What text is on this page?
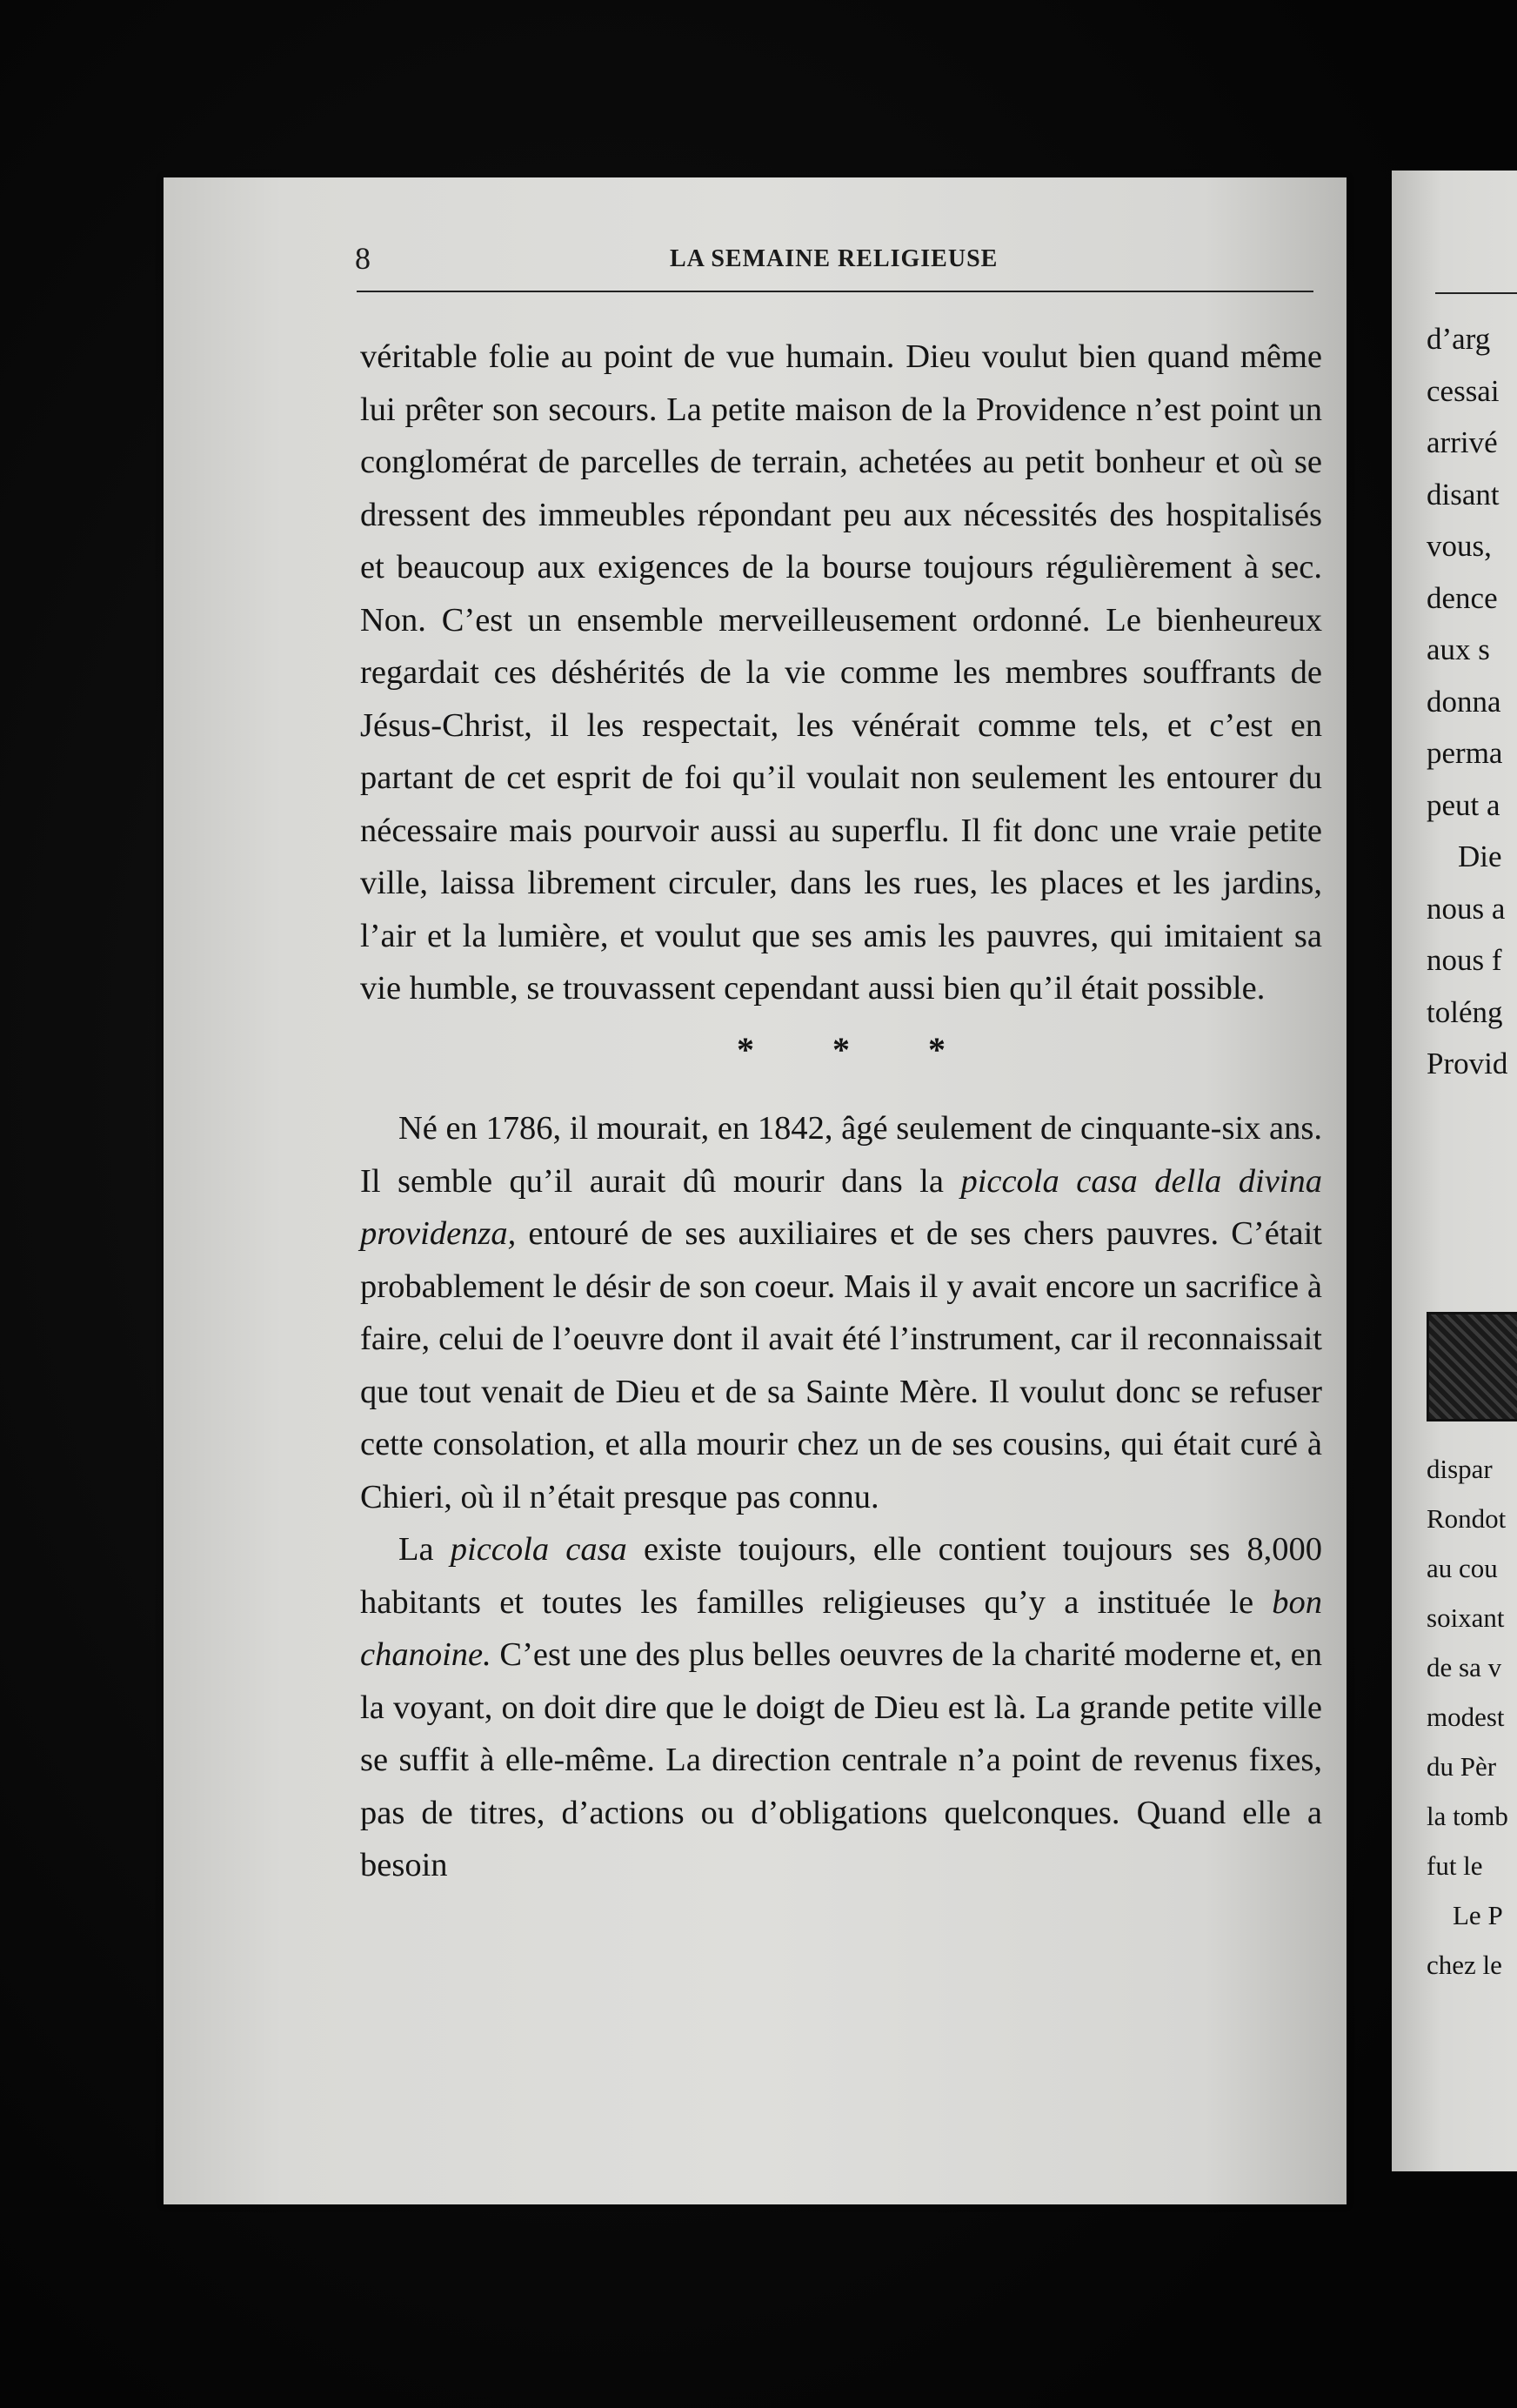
8	LA SEMAINE RELIGIEUSE

véritable folie au point de vue humain. Dieu voulut bien quand même lui prêter son secours. La petite maison de la Providence n’est point un conglomérat de parcelles de terrain, achetées au petit bonheur et où se dressent des immeubles répondant peu aux nécessités des hospitalisés et beaucoup aux exigences de la bourse toujours régulièrement à sec. Non. C’est un ensemble merveilleusement ordonné. Le bienheureux regardait ces déshérités de la vie comme les membres souffrants de Jésus-Christ, il les respectait, les vénérait comme tels, et c’est en partant de cet esprit de foi qu’il voulait non seulement les entourer du nécessaire mais pourvoir aussi au superflu. Il fit donc une vraie petite ville, laissa librement circuler, dans les rues, les places et les jardins, l’air et la lumière, et voulut que ses amis les pauvres, qui imitaient sa vie humble, se trouvassent cependant aussi bien qu’il était possible.

* * *

Né en 1786, il mourait, en 1842, âgé seulement de cinquante-six ans. Il semble qu’il aurait dû mourir dans la piccola casa della divina providenza, entouré de ses auxiliaires et de ses chers pauvres. C’était probablement le désir de son coeur. Mais il y avait encore un sacrifice à faire, celui de l’oeuvre dont il avait été l’instrument, car il reconnaissait que tout venait de Dieu et de sa Sainte Mère. Il voulut donc se refuser cette consolation, et alla mourir chez un de ses cousins, qui était curé à Chieri, où il n’était presque pas connu.

La piccola casa existe toujours, elle contient toujours ses 8,000 habitants et toutes les familles religieuses qu’y a instituée le bon chanoine. C’est une des plus belles oeuvres de la charité moderne et, en la voyant, on doit dire que le doigt de Dieu est là. La grande petite ville se suffit à elle-même. La direction centrale n’a point de revenus fixes, pas de titres, d’actions ou d’obligations quelconques. Quand elle a besoin

d’arg
cessai
arrivé
disant
vous,
dence
aux s
donna
perma
peut a
Die
nous a
nous f
toléng
Provid
dispar
Rondot
au cou
soixant
de sa v
modest
du Pèr
la tomb
fut le
Le P
chez le
